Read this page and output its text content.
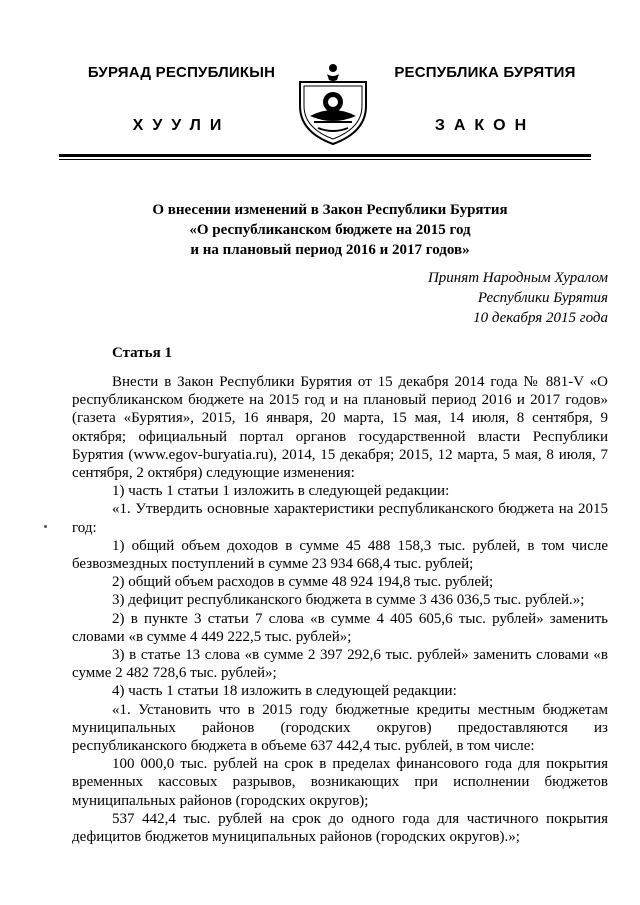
БУРЯАД РЕСПУБЛИКЫН
ХУУЛИ
РЕСПУБЛИКА БУРЯТИЯ
ЗАКОН
О внесении изменений в Закон Республики Бурятия
«О республиканском бюджете на 2015 год
и на плановый период 2016 и 2017 годов»
Принят Народным Хуралом
Республики Бурятия
10 декабря 2015 года
Статья 1

Внести в Закон Республики Бурятия от 15 декабря 2014 года № 881-V «О республиканском бюджете на 2015 год и на плановый период 2016 и 2017 годов» (газета «Бурятия», 2015, 16 января, 20 марта, 15 мая, 14 июля, 8 сентября, 9 октября; официальный портал органов государственной власти Республики Бурятия (www.egov-buryatia.ru), 2014, 15 декабря; 2015, 12 марта, 5 мая, 8 июля, 7 сентября, 2 октября) следующие изменения:

1) часть 1 статьи 1 изложить в следующей редакции:

«1. Утвердить основные характеристики республиканского бюджета на 2015 год:

1) общий объем доходов в сумме 45 488 158,3 тыс. рублей, в том числе безвозмездных поступлений в сумме 23 934 668,4 тыс. рублей;

2) общий объем расходов в сумме 48 924 194,8 тыс. рублей;

3) дефицит республиканского бюджета в сумме 3 436 036,5 тыс. рублей.»;

2) в пункте 3 статьи 7 слова «в сумме 4 405 605,6 тыс. рублей» заменить словами «в сумме 4 449 222,5 тыс. рублей»;

3) в статье 13 слова «в сумме 2 397 292,6 тыс. рублей» заменить словами «в сумме 2 482 728,6 тыс. рублей»;

4) часть 1 статьи 18 изложить в следующей редакции:

«1. Установить что в 2015 году бюджетные кредиты местным бюджетам муниципальных районов (городских округов) предоставляются из республиканского бюджета в объеме 637 442,4 тыс. рублей, в том числе:

100 000,0 тыс. рублей на срок в пределах финансового года для покрытия временных кассовых разрывов, возникающих при исполнении бюджетов муниципальных районов (городских округов);

537 442,4 тыс. рублей на срок до одного года для частичного покрытия дефицитов бюджетов муниципальных районов (городских округов).»;
